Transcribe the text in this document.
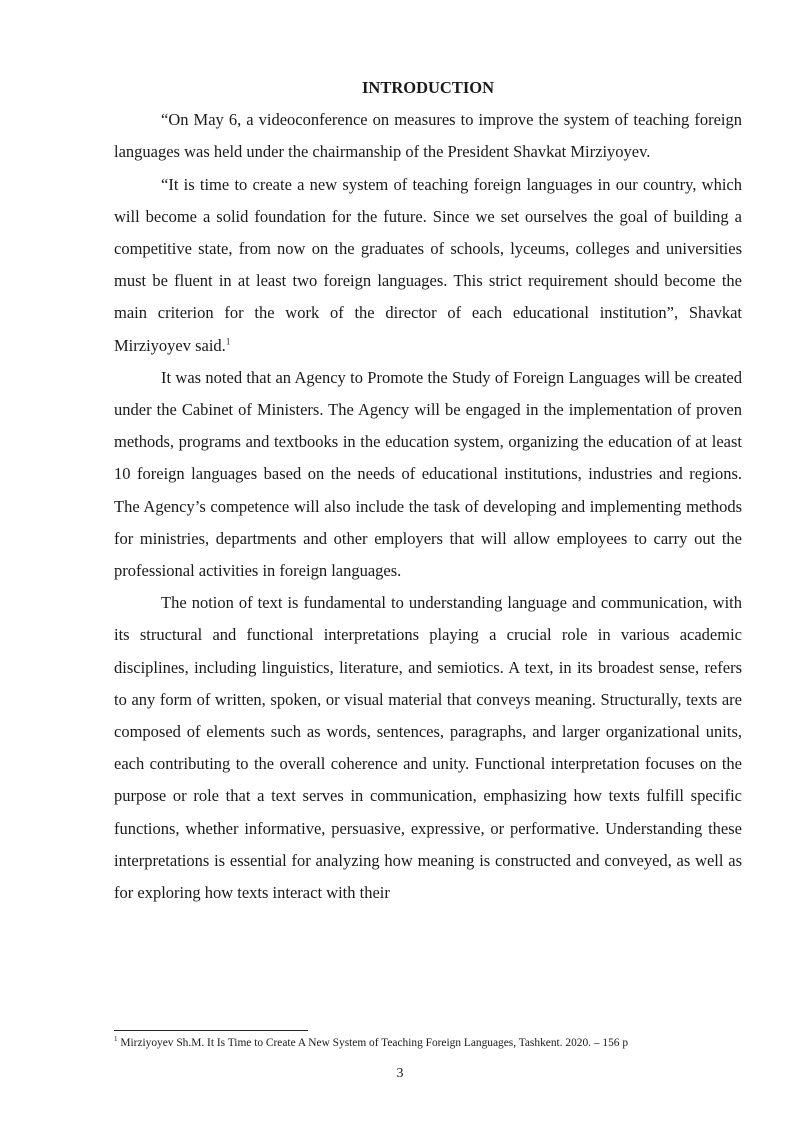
INTRODUCTION

“On May 6, a videoconference on measures to improve the system of teaching foreign languages was held under the chairmanship of the President Shavkat Mirziyoyev.

“It is time to create a new system of teaching foreign languages in our country, which will become a solid foundation for the future. Since we set ourselves the goal of building a competitive state, from now on the graduates of schools, lyceums, colleges and universities must be fluent in at least two foreign languages. This strict requirement should become the main criterion for the work of the director of each educational institution”, Shavkat Mirziyoyev said.$^1$

It was noted that an Agency to Promote the Study of Foreign Languages will be created under the Cabinet of Ministers. The Agency will be engaged in the implementation of proven methods, programs and textbooks in the education system, organizing the education of at least 10 foreign languages based on the needs of educational institutions, industries and regions. The Agency’s competence will also include the task of developing and implementing methods for ministries, departments and other employers that will allow employees to carry out the professional activities in foreign languages.

The notion of text is fundamental to understanding language and communication, with its structural and functional interpretations playing a crucial role in various academic disciplines, including linguistics, literature, and semiotics. A text, in its broadest sense, refers to any form of written, spoken, or visual material that conveys meaning. Structurally, texts are composed of elements such as words, sentences, paragraphs, and larger organizational units, each contributing to the overall coherence and unity. Functional interpretation focuses on the purpose or role that a text serves in communication, emphasizing how texts fulfill specific functions, whether informative, persuasive, expressive, or performative. Understanding these interpretations is essential for analyzing how meaning is constructed and conveyed, as well as for exploring how texts interact with their

$^1$ Mirziyoyev Sh.M. It Is Time to Create A New System of Teaching Foreign Languages, Tashkent. 2020. – 156 p
3
